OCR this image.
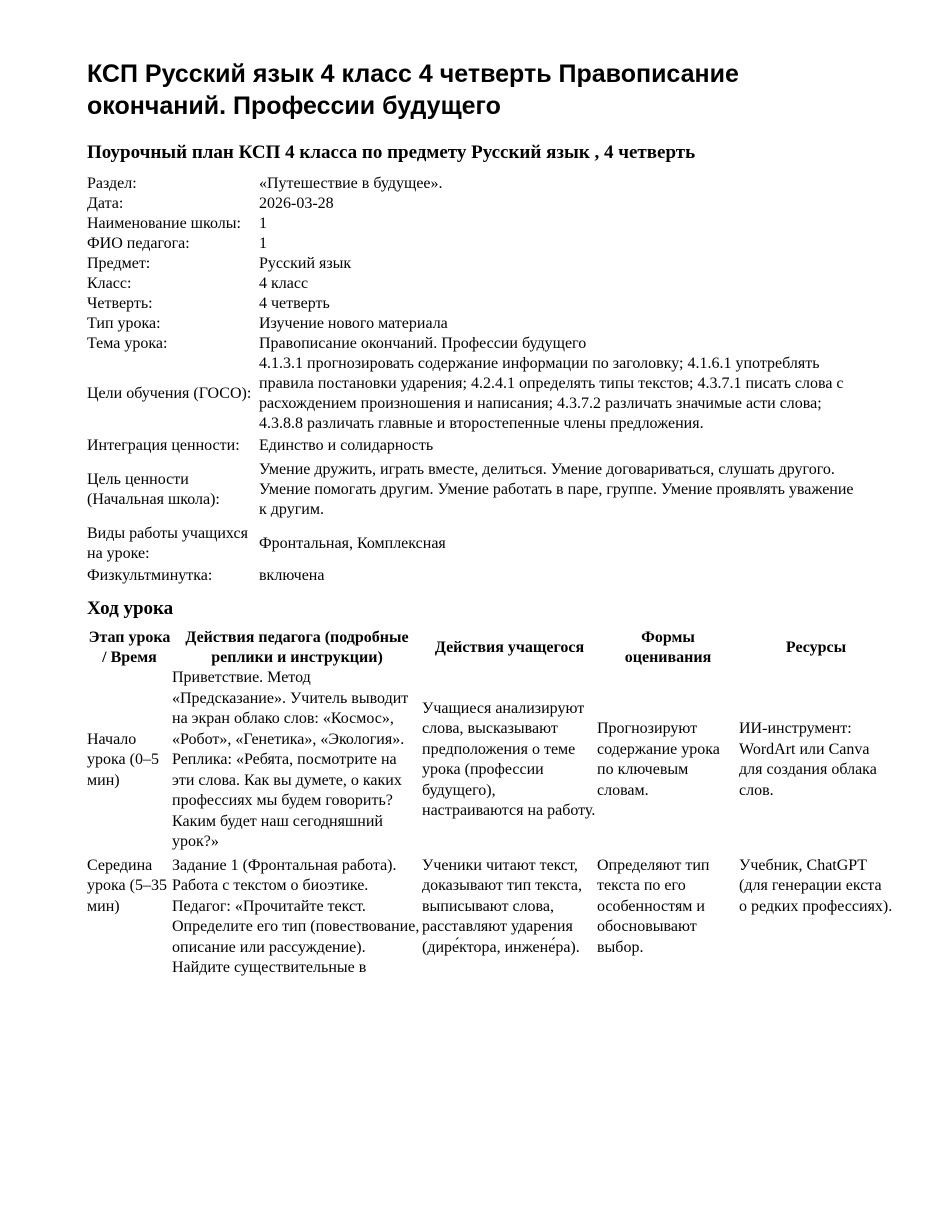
КСП Русский язык 4 класс 4 четверть Правописание окончаний. Профессии будущего
Поурочный план КСП 4 класса по предмету Русский язык , 4 четверть
Раздел:	«Путешествие в будущее».
Дата:	2026-03-28
Наименование школы:	1
ФИО педагога:	1
Предмет:	Русский язык
Класс:	4 класс
Четверть:	4 четверть
Тип урока:	Изучение нового материала
Тема урока:	Правописание окончаний. Профессии будущего
Цели обучения (ГОСО):	4.1.3.1 прогнозировать содержание информации по заголовку; 4.1.6.1 употреблять правила постановки ударения; 4.2.4.1 определять типы текстов; 4.3.7.1 писать слова с расхождением произношения и написания; 4.3.7.2 различать значимые асти слова; 4.3.8.8 различать главные и второстепенные члены предложения.
Интеграция ценности:	Единство и солидарность
Цель ценности (Начальная школа):	Умение дружить, играть вместе, делиться. Умение договариваться, слушать другого. Умение помогать другим. Умение работать в паре, группе. Умение проявлять уважение к другим.
Виды работы учащихся на уроке:	Фронтальная, Комплексная
Физкультминутка:	включена
Ход урока
Этап урока / Время	Действия педагога (подробные реплики и инструкции)	Действия учащегося	Формы оценивания	Ресурсы
Начало урока (0–5 мин)	Приветствие. Метод «Предсказание». Учитель выводит на экран облако слов: «Космос», «Робот», «Генетика», «Экология». Реплика: «Ребята, посмотрите на эти слова. Как вы думете, о каких профессиях мы будем говорить? Каким будет наш сегодняшний урок?»	Учащиеся анализируют слова, высказывают предположения о теме урока (профессии будущего), настраиваются на работу.	Прогнозируют содержание урока по ключевым словам.	ИИ-инструмент: WordArt или Canva для создания облака слов.
Середина урока (5–35 мин)	Задание 1 (Фронтальная работа). Работа с текстом о биоэтике. Педагог: «Прочитайте текст. Определите его тип (повествование, описание или рассуждение). Найдите существительные в	Ученики читают текст, доказывают тип текста, выписывают слова, расставляют ударения (дире́ктора, инжене́ра).	Определяют тип текста по его особенностям и обосновывают выбор.	Учебник, ChatGPT (для генерации екста о редких профессиях).
